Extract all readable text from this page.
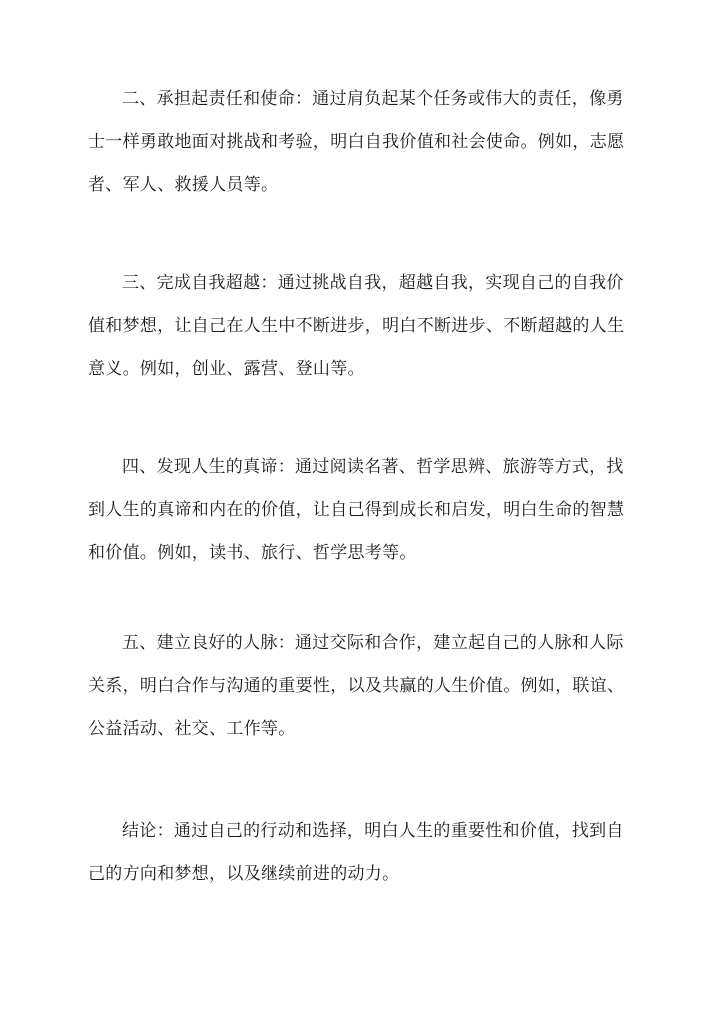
二、承担起责任和使命：通过肩负起某个任务或伟大的责任，像勇士一样勇敢地面对挑战和考验，明白自我价值和社会使命。例如，志愿者、军人、救援人员等。

三、完成自我超越：通过挑战自我，超越自我，实现自己的自我价值和梦想，让自己在人生中不断进步，明白不断进步、不断超越的人生意义。例如，创业、露营、登山等。

四、发现人生的真谛：通过阅读名著、哲学思辨、旅游等方式，找到人生的真谛和内在的价值，让自己得到成长和启发，明白生命的智慧和价值。例如，读书、旅行、哲学思考等。

五、建立良好的人脉：通过交际和合作，建立起自己的人脉和人际关系，明白合作与沟通的重要性，以及共赢的人生价值。例如，联谊、公益活动、社交、工作等。

结论：通过自己的行动和选择，明白人生的重要性和价值，找到自己的方向和梦想，以及继续前进的动力。
